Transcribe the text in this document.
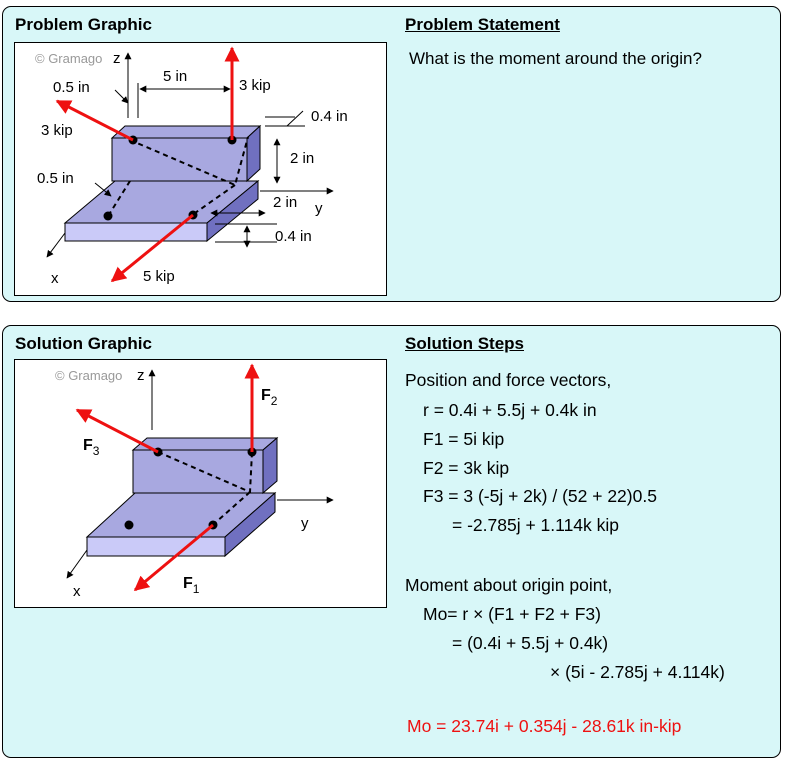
Problem Graphic	Problem Statement
What is the moment around the origin?
© Gramago z
y
x
3 kip
3 kip
5 kip
5 in
0.5 in
0.4 in
2 in
0.5 in
2 in
0.4 in
Solution Graphic	Solution Steps
© Gramago z
y
x
$F_2$
$F_3$
$F_1$
Position and force vectors,
r = 0.4i + 5.5j + 0.4k in
F1 = 5i kip
F2 = 3k kip
F3 = 3 (-5j + 2k) / (52 + 22)0.5
= -2.785j + 1.114k kip
Moment about origin point,
Mo= r × (F1 + F2 + F3)
= (0.4i + 5.5j + 0.4k)
× (5i - 2.785j + 4.114k)
Mo = 23.74i + 0.354j - 28.61k in-kip
